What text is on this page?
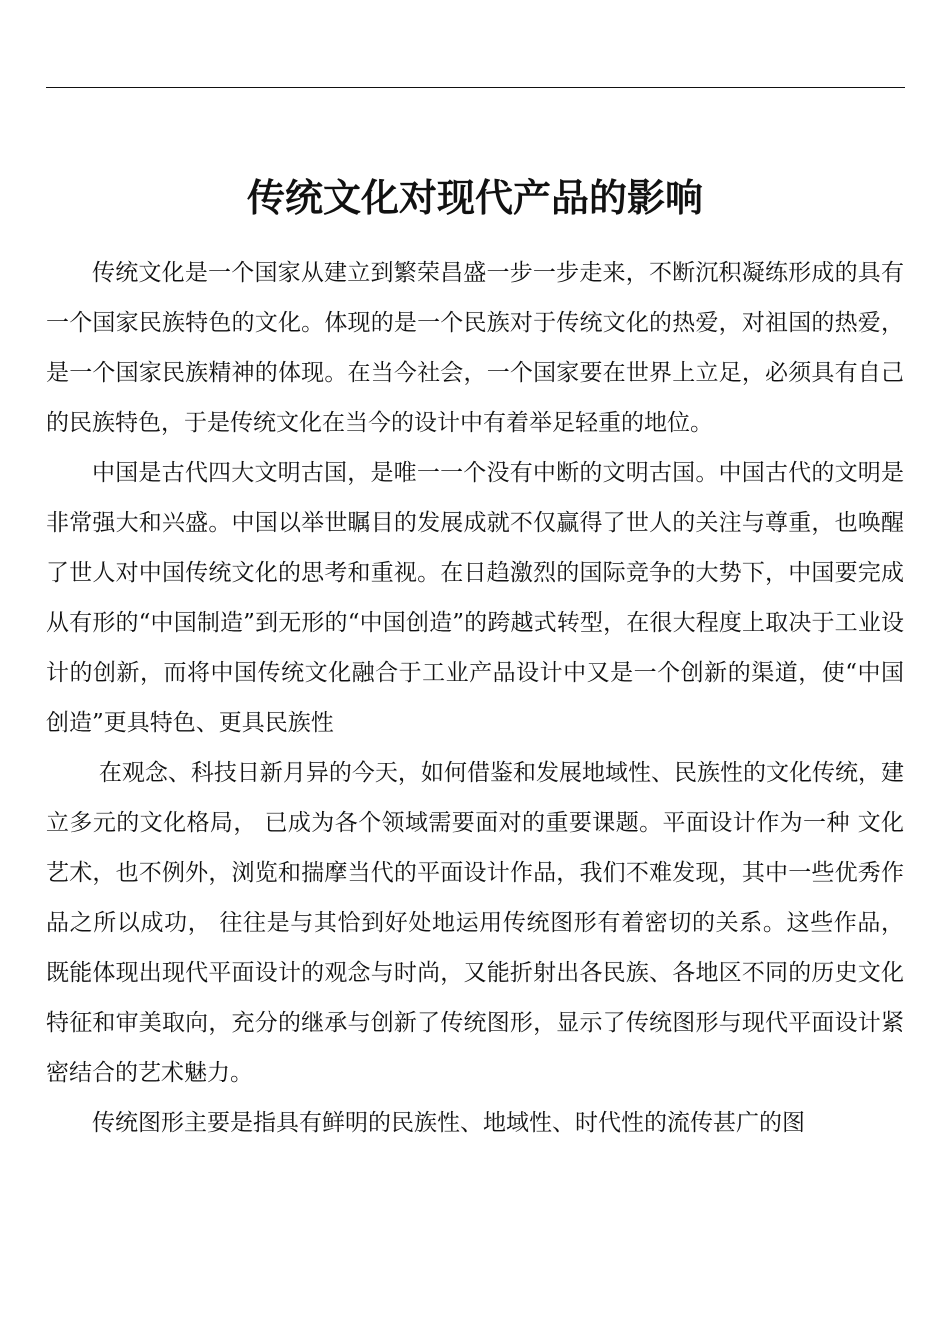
传统文化对现代产品的影响

传统文化是一个国家从建立到繁荣昌盛一步一步走来，不断沉积凝练形成的具有一个国家民族特色的文化。体现的是一个民族对于传统文化的热爱，对祖国的热爱，是一个国家民族精神的体现。在当今社会，一个国家要在世界上立足，必须具有自己的民族特色，于是传统文化在当今的设计中有着举足轻重的地位。

中国是古代四大文明古国，是唯一一个没有中断的文明古国。中国古代的文明是非常强大和兴盛。中国以举世瞩目的发展成就不仅赢得了世人的关注与尊重，也唤醒了世人对中国传统文化的思考和重视。在日趋激烈的国际竞争的大势下，中国要完成从有形的“中国制造”到无形的“中国创造”的跨越式转型，在很大程度上取决于工业设计的创新，而将中国传统文化融合于工业产品设计中又是一个创新的渠道，使“中国创造”更具特色、更具民族性

在观念、科技日新月异的今天，如何借鉴和发展地域性、民族性的文化传统，建立多元的文化格局， 已成为各个领域需要面对的重要课题。平面设计作为一种 文化艺术，也不例外，浏览和揣摩当代的平面设计作品，我们不难发现，其中一些优秀作品之所以成功， 往往是与其恰到好处地运用传统图形有着密切的关系。这些作品， 既能体现出现代平面设计的观念与时尚，又能折射出各民族、各地区不同的历史文化特征和审美取向，充分的继承与创新了传统图形，显示了传统图形与现代平面设计紧密结合的艺术魅力。

传统图形主要是指具有鲜明的民族性、地域性、时代性的流传甚广的图
